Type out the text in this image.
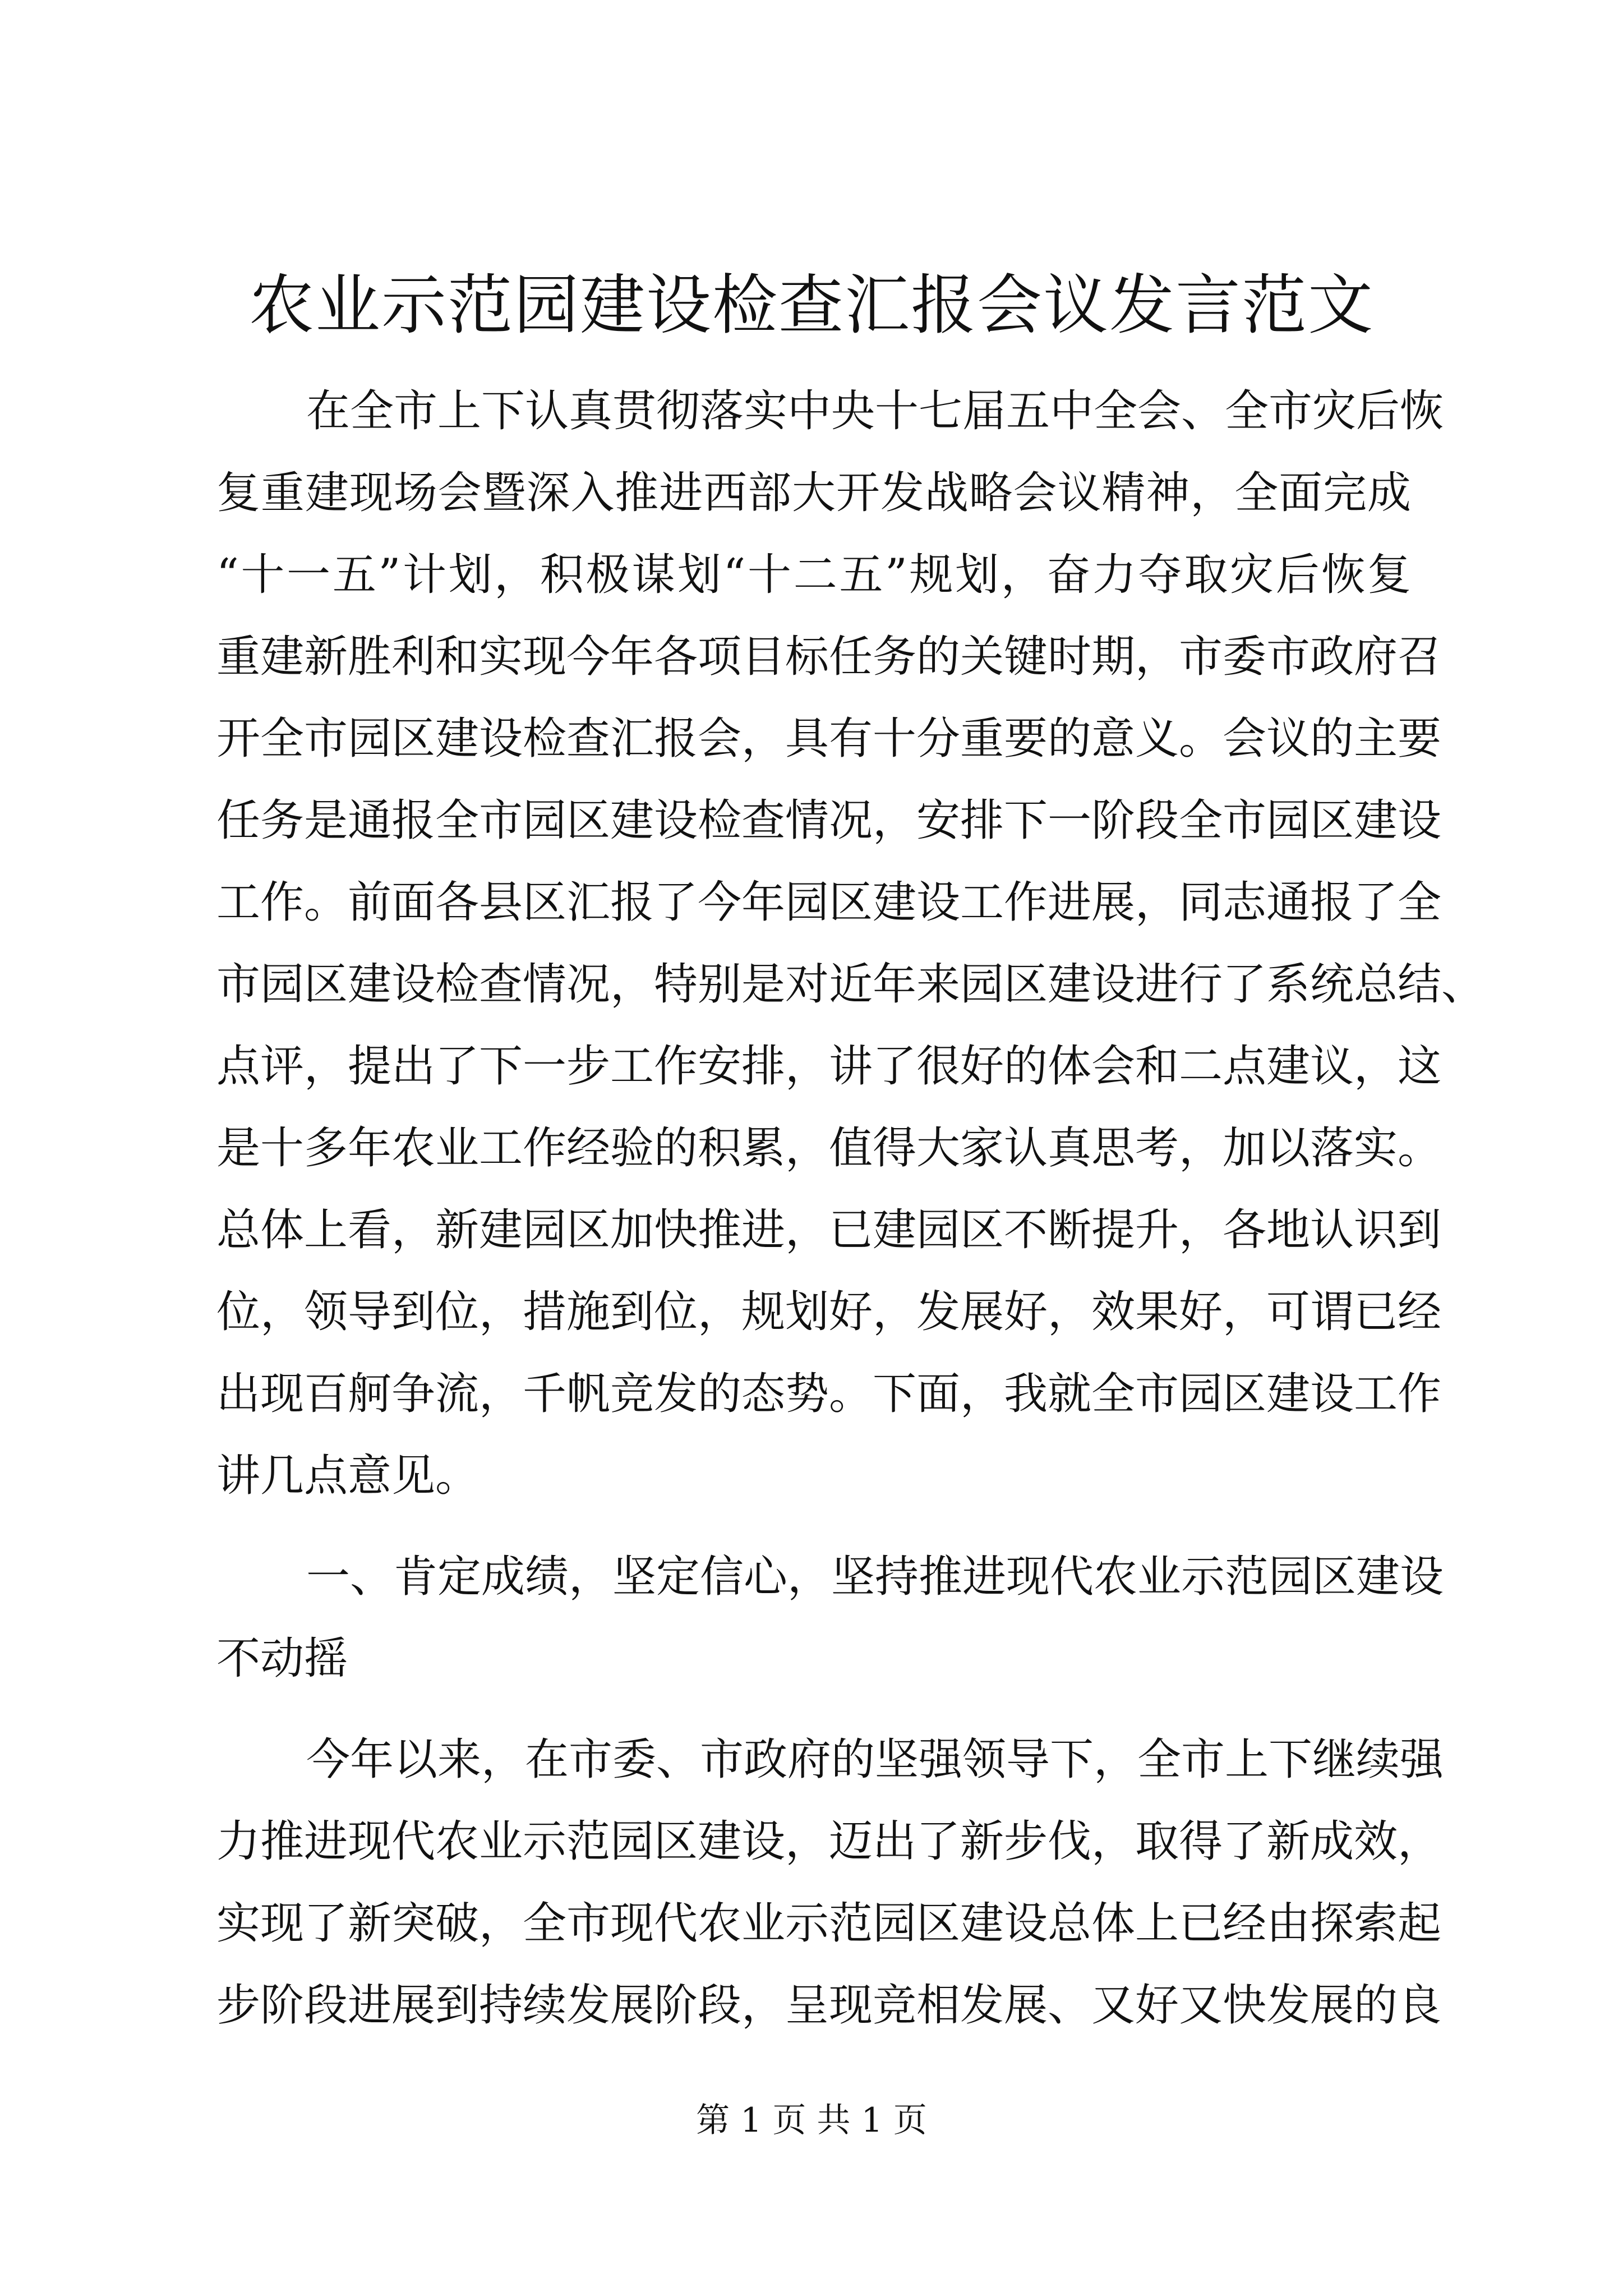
农业示范园建设检查汇报会议发言范文
在全市上下认真贯彻落实中央十七届五中全会、全市灾后恢
复重建现场会暨深入推进西部大开发战略会议精神，全面完成
“十一五”计划，积极谋划“十二五”规划，奋力夺取灾后恢复
重建新胜利和实现今年各项目标任务的关键时期，市委市政府召
开全市园区建设检查汇报会，具有十分重要的意义。会议的主要
任务是通报全市园区建设检查情况，安排下一阶段全市园区建设
工作。前面各县区汇报了今年园区建设工作进展，同志通报了全
市园区建设检查情况，特别是对近年来园区建设进行了系统总结、
点评，提出了下一步工作安排，讲了很好的体会和二点建议，这
是十多年农业工作经验的积累，值得大家认真思考，加以落实。
总体上看，新建园区加快推进，已建园区不断提升，各地认识到
位，领导到位，措施到位，规划好，发展好，效果好，可谓已经
出现百舸争流，千帆竞发的态势。下面，我就全市园区建设工作
讲几点意见。
一、肯定成绩，坚定信心，坚持推进现代农业示范园区建设
不动摇
今年以来，在市委、市政府的坚强领导下，全市上下继续强
力推进现代农业示范园区建设，迈出了新步伐，取得了新成效，
实现了新突破，全市现代农业示范园区建设总体上已经由探索起
步阶段进展到持续发展阶段，呈现竞相发展、又好又快发展的良
第 1 页 共 1 页
